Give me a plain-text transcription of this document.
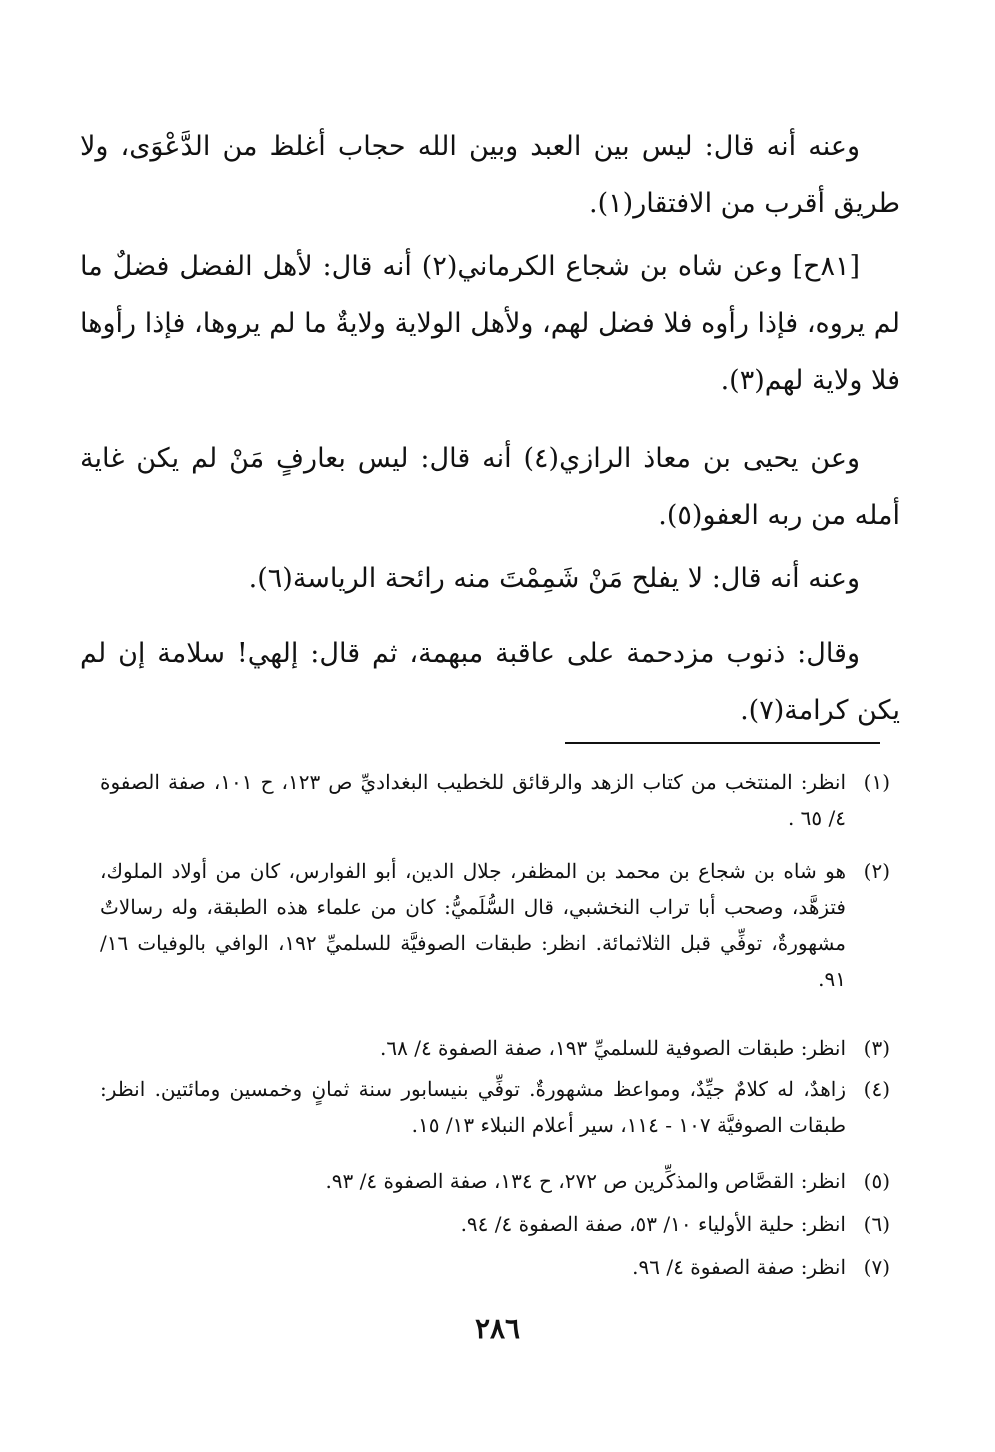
وعنه أنه قال: ليس بين العبد وبين الله حجاب أغلظ من الدَّعْوَى، ولا طريق أقرب من الافتقار(١).

[٨١ح] وعن شاه بن شجاع الكرماني(٢) أنه قال: لأهل الفضل فضلٌ ما لم يروه، فإذا رأوه فلا فضل لهم، ولأهل الولاية ولايةٌ ما لم يروها، فإذا رأوها فلا ولاية لهم(٣).

وعن يحيى بن معاذ الرازي(٤) أنه قال: ليس بعارفٍ مَنْ لم يكن غاية أمله من ربه العفو(٥).

وعنه أنه قال: لا يفلح مَنْ شَمِمْتَ منه رائحة الرياسة(٦).

وقال: ذنوب مزدحمة على عاقبة مبهمة، ثم قال: إلهي! سلامة إن لم يكن كرامة(٧).

(١)
انظر: المنتخب من كتاب الزهد والرقائق للخطيب البغداديِّ ص ١٢٣، ح ١٠١، صفة الصفوة ٤/ ٦٥ .
(٢)
هو شاه بن شجاع بن محمد بن المظفر، جلال الدين، أبو الفوارس، كان من أولاد الملوك، فتزهَّد، وصحب أبا تراب النخشبي، قال السُّلَميُّ: كان من علماء هذه الطبقة، وله رسالاتٌ مشهورةٌ، توفِّي قبل الثلاثمائة. انظر: طبقات الصوفيَّة للسلميِّ ١٩٢، الوافي بالوفيات ١٦/ ٩١.
(٣)
انظر: طبقات الصوفية للسلميِّ ١٩٣، صفة الصفوة ٤/ ٦٨.
(٤)
زاهدٌ، له كلامٌ جيِّدٌ، ومواعظ مشهورةٌ. توفِّي بنيسابور سنة ثمانٍ وخمسين ومائتين. انظر: طبقات الصوفيَّة ١٠٧ - ١١٤، سير أعلام النبلاء ١٣/ ١٥.
(٥)
انظر: القصَّاص والمذكِّرين ص ٢٧٢، ح ١٣٤، صفة الصفوة ٤/ ٩٣.
(٦)
انظر: حلية الأولياء ١٠/ ٥٣، صفة الصفوة ٤/ ٩٤.
(٧)
انظر: صفة الصفوة ٤/ ٩٦.
٢٨٦
